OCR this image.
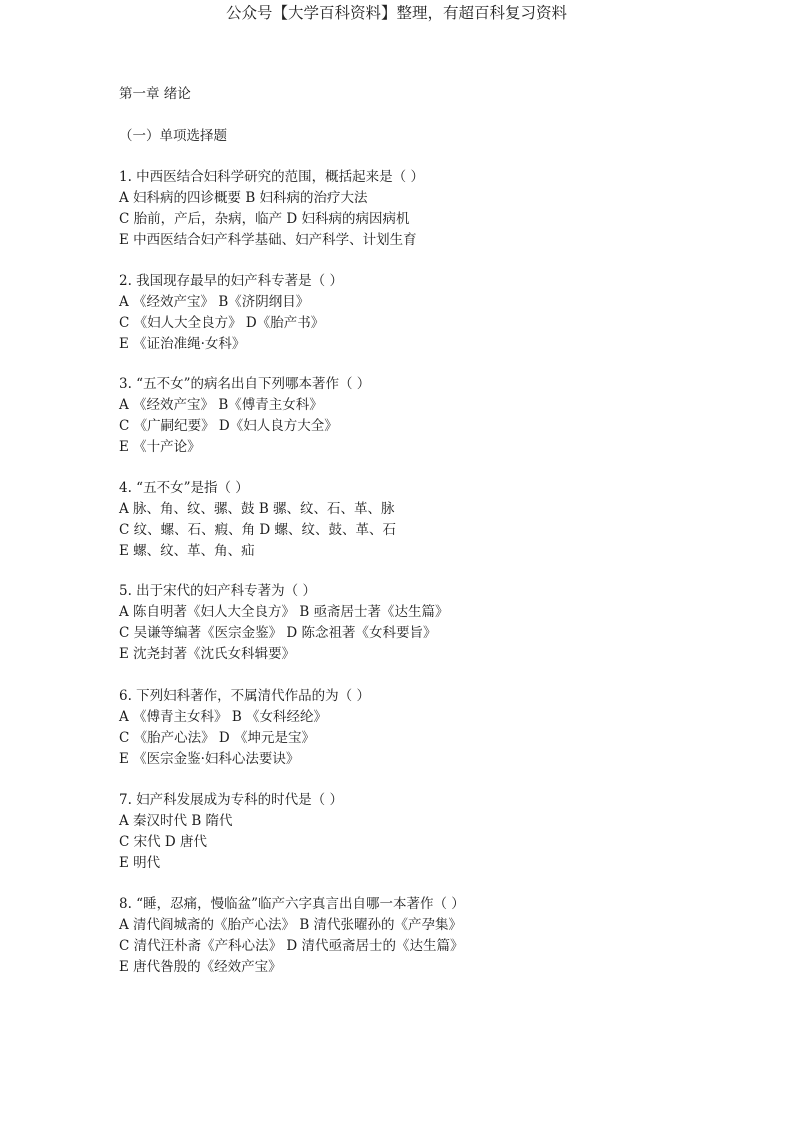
公众号【大学百科资料】整理，有超百科复习资料
第一章 绪论
（一）单项选择题
1. 中西医结合妇科学研究的范围，概括起来是（ ）
A 妇科病的四诊概要 B 妇科病的治疗大法
C 胎前，产后，杂病，临产 D 妇科病的病因病机
E 中西医结合妇产科学基础、妇产科学、计划生育
2. 我国现存最早的妇产科专著是（ ）
A 《经效产宝》 B《济阴纲目》
C 《妇人大全良方》 D《胎产书》
E 《证治准绳·女科》
3. “五不女”的病名出自下列哪本著作（ ）
A 《经效产宝》 B《傅青主女科》
C 《广嗣纪要》 D《妇人良方大全》
E 《十产论》
4. “五不女”是指（ ）
A 脉、角、纹、骡、鼓 B 骡、纹、石、革、脉
C 纹、螺、石、瘕、角 D 螺、纹、鼓、革、石
E 螺、纹、革、角、疝
5. 出于宋代的妇产科专著为（ ）
A 陈自明著《妇人大全良方》 B 亟斋居士著《达生篇》
C 吴谦等编著《医宗金鉴》 D 陈念祖著《女科要旨》
E 沈尧封著《沈氏女科辑要》
6. 下列妇科著作，不属清代作品的为（ ）
A 《傅青主女科》 B 《女科经纶》
C 《胎产心法》 D 《坤元是宝》
E 《医宗金鉴·妇科心法要诀》
7. 妇产科发展成为专科的时代是（ ）
A 秦汉时代 B 隋代
C 宋代 D 唐代
E 明代
8. “睡，忍痛，慢临盆”临产六字真言出自哪一本著作（ ）
A 清代阎城斋的《胎产心法》 B 清代张曜孙的《产孕集》
C 清代汪朴斋《产科心法》 D 清代亟斋居士的《达生篇》
E 唐代昝殷的《经效产宝》
